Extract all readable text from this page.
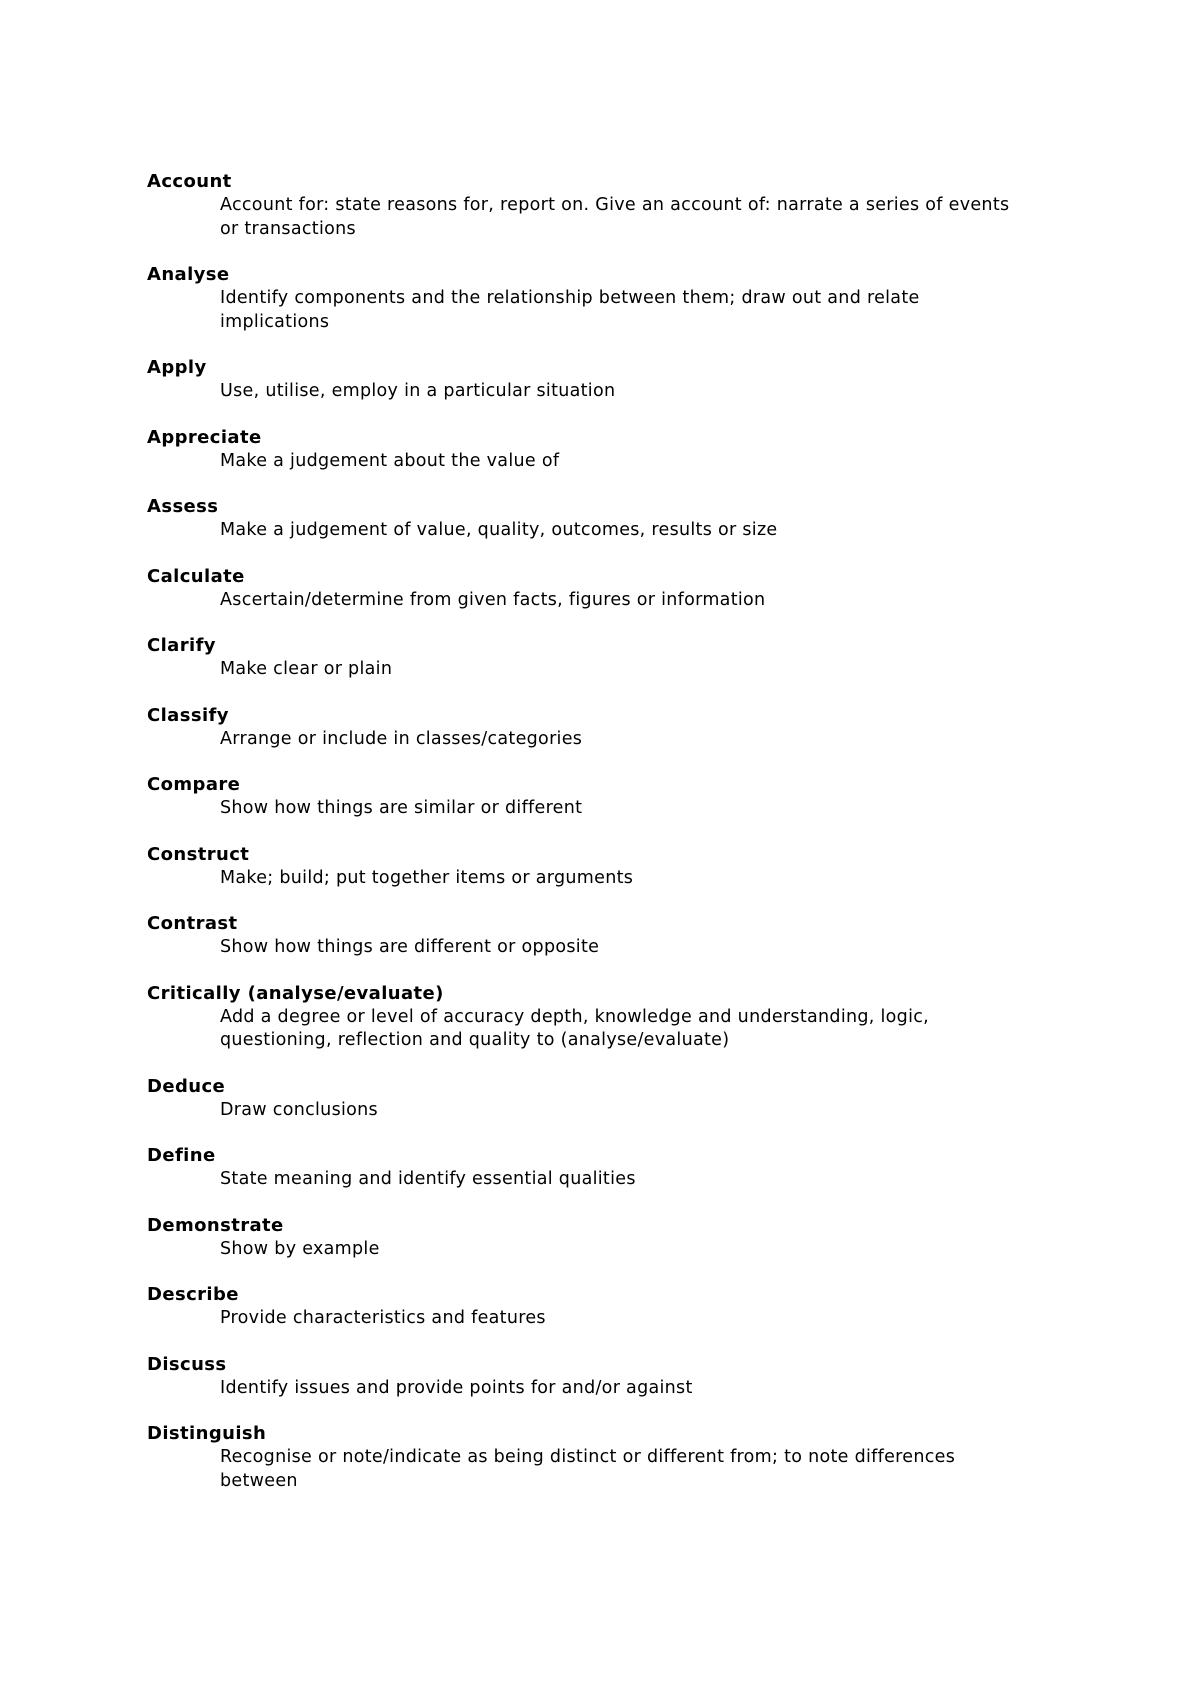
Account
Account for: state reasons for, report on. Give an account of: narrate a series of events or transactions
Analyse
Identify components and the relationship between them; draw out and relate implications
Apply
Use, utilise, employ in a particular situation
Appreciate
Make a judgement about the value of
Assess
Make a judgement of value, quality, outcomes, results or size
Calculate
Ascertain/determine from given facts, figures or information
Clarify
Make clear or plain
Classify
Arrange or include in classes/categories
Compare
Show how things are similar or different
Construct
Make; build; put together items or arguments
Contrast
Show how things are different or opposite
Critically (analyse/evaluate)
Add a degree or level of accuracy depth, knowledge and understanding, logic, questioning, reflection and quality to (analyse/evaluate)
Deduce
Draw conclusions
Define
State meaning and identify essential qualities
Demonstrate
Show by example
Describe
Provide characteristics and features
Discuss
Identify issues and provide points for and/or against
Distinguish
Recognise or note/indicate as being distinct or different from; to note differences between
